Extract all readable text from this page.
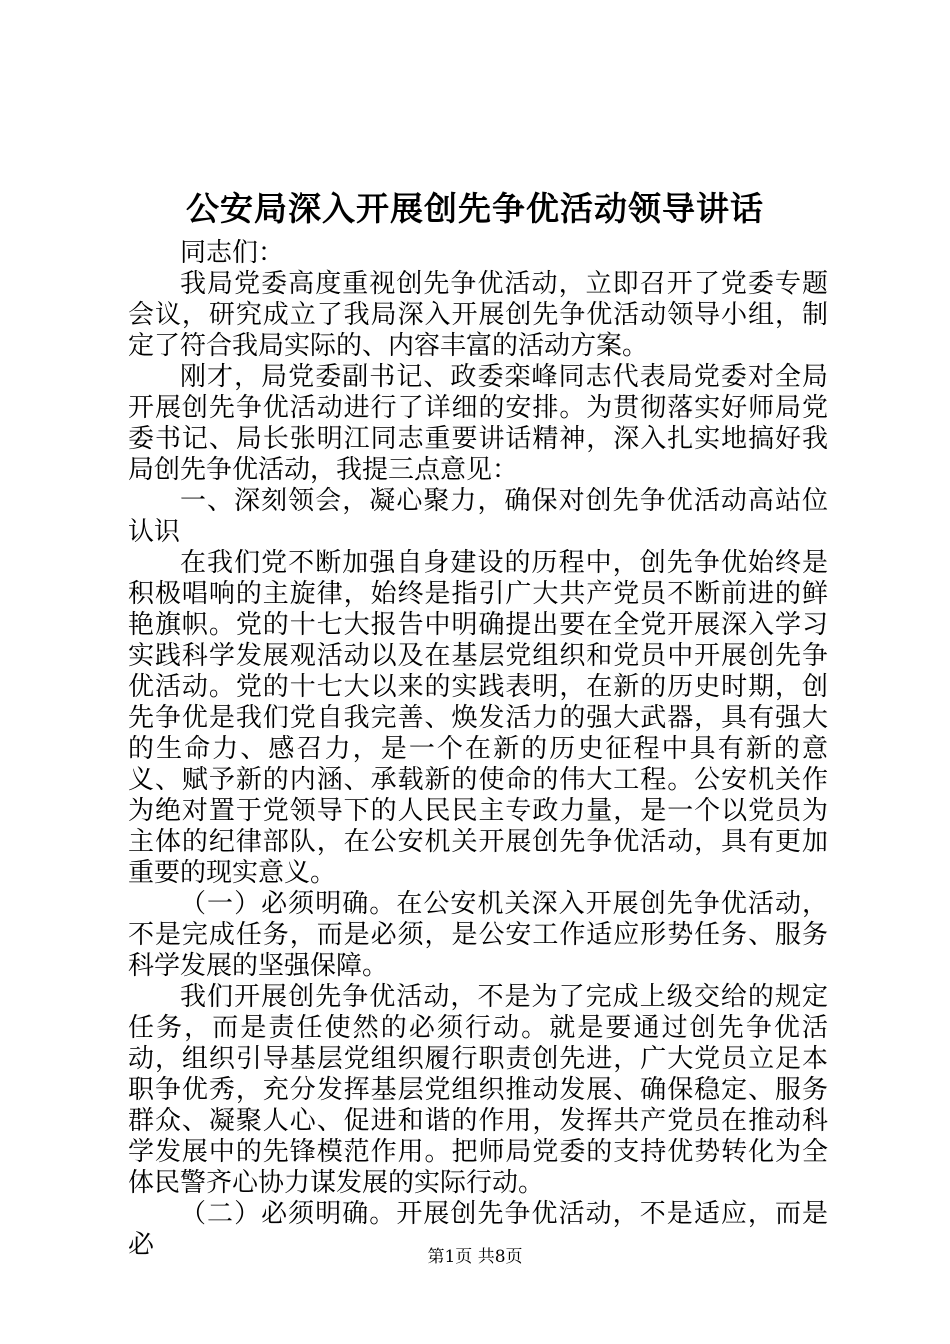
公安局深入开展创先争优活动领导讲话

同志们：

我局党委高度重视创先争优活动，立即召开了党委专题会议，研究成立了我局深入开展创先争优活动领导小组，制定了符合我局实际的、内容丰富的活动方案。

刚才，局党委副书记、政委栾峰同志代表局党委对全局开展创先争优活动进行了详细的安排。为贯彻落实好师局党委书记、局长张明江同志重要讲话精神，深入扎实地搞好我局创先争优活动，我提三点意见：

一、深刻领会，凝心聚力，确保对创先争优活动高站位认识

在我们党不断加强自身建设的历程中，创先争优始终是积极唱响的主旋律，始终是指引广大共产党员不断前进的鲜艳旗帜。党的十七大报告中明确提出要在全党开展深入学习实践科学发展观活动以及在基层党组织和党员中开展创先争优活动。党的十七大以来的实践表明，在新的历史时期，创先争优是我们党自我完善、焕发活力的强大武器，具有强大的生命力、感召力，是一个在新的历史征程中具有新的意义、赋予新的内涵、承载新的使命的伟大工程。公安机关作为绝对置于党领导下的人民民主专政力量，是一个以党员为主体的纪律部队，在公安机关开展创先争优活动，具有更加重要的现实意义。

（一）必须明确。在公安机关深入开展创先争优活动，不是完成任务，而是必须，是公安工作适应形势任务、服务科学发展的坚强保障。

我们开展创先争优活动，不是为了完成上级交给的规定任务，而是责任使然的必须行动。就是要通过创先争优活动，组织引导基层党组织履行职责创先进，广大党员立足本职争优秀，充分发挥基层党组织推动发展、确保稳定、服务群众、凝聚人心、促进和谐的作用，发挥共产党员在推动科学发展中的先锋模范作用。把师局党委的支持优势转化为全体民警齐心协力谋发展的实际行动。

（二）必须明确。开展创先争优活动，不是适应，而是必	第1页 共8页
